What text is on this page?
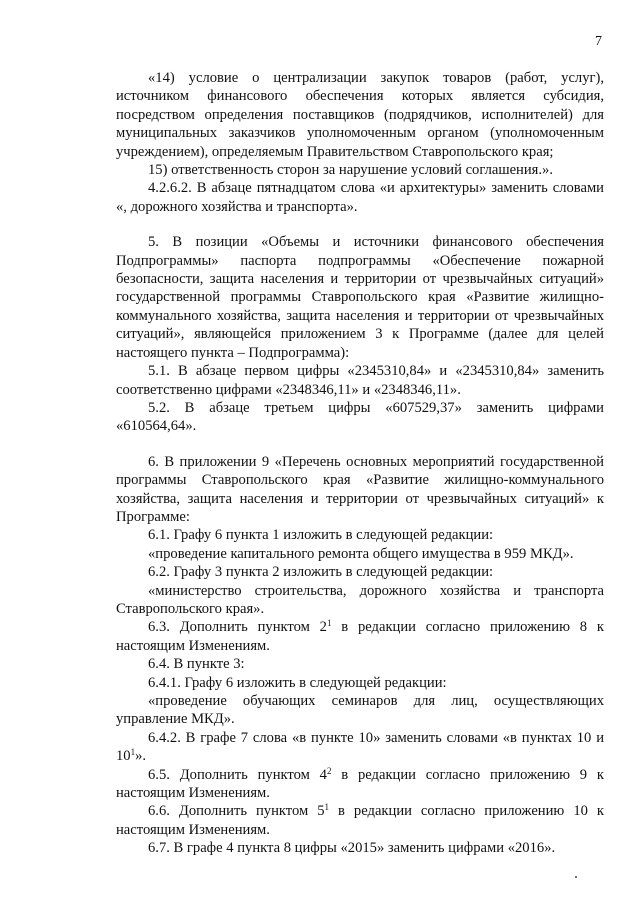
7

«14) условие о централизации закупок товаров (работ, услуг), источником финансового обеспечения которых является субсидия, посредством определения поставщиков (подрядчиков, исполнителей) для муниципальных заказчиков уполномоченным органом (уполномоченным учреждением), определяемым Правительством Ставропольского края;

15) ответственность сторон за нарушение условий соглашения.».

4.2.6.2. В абзаце пятнадцатом слова «и архитектуры» заменить словами «, дорожного хозяйства и транспорта».

5. В позиции «Объемы и источники финансового обеспечения Подпрограммы» паспорта подпрограммы «Обеспечение пожарной безопасности, защита населения и территории от чрезвычайных ситуаций» государственной программы Ставропольского края «Развитие жилищно-коммунального хозяйства, защита населения и территории от чрезвычайных ситуаций», являющейся приложением 3 к Программе (далее для целей настоящего пункта – Подпрограмма):

5.1. В абзаце первом цифры «2345310,84» и «2345310,84» заменить соответственно цифрами «2348346,11» и «2348346,11».

5.2. В абзаце третьем цифры «607529,37» заменить цифрами «610564,64».

6. В приложении 9 «Перечень основных мероприятий государственной программы Ставропольского края «Развитие жилищно-коммунального хозяйства, защита населения и территории от чрезвычайных ситуаций» к Программе:

6.1. Графу 6 пункта 1 изложить в следующей редакции:

«проведение капитального ремонта общего имущества в 959 МКД».

6.2. Графу 3 пункта 2 изложить в следующей редакции:

«министерство строительства, дорожного хозяйства и транспорта Ставропольского края».

6.3. Дополнить пунктом $2^1$ в редакции согласно приложению 8 к настоящим Изменениям.

6.4. В пункте 3:

6.4.1. Графу 6 изложить в следующей редакции:

«проведение обучающих семинаров для лиц, осуществляющих управление МКД».

6.4.2. В графе 7 слова «в пункте 10» заменить словами «в пунктах 10 и $10^1$».

6.5. Дополнить пунктом $4^2$ в редакции согласно приложению 9 к настоящим Изменениям.

6.6. Дополнить пунктом $5^1$ в редакции согласно приложению 10 к настоящим Изменениям.

6.7. В графе 4 пункта 8 цифры «2015» заменить цифрами «2016».
